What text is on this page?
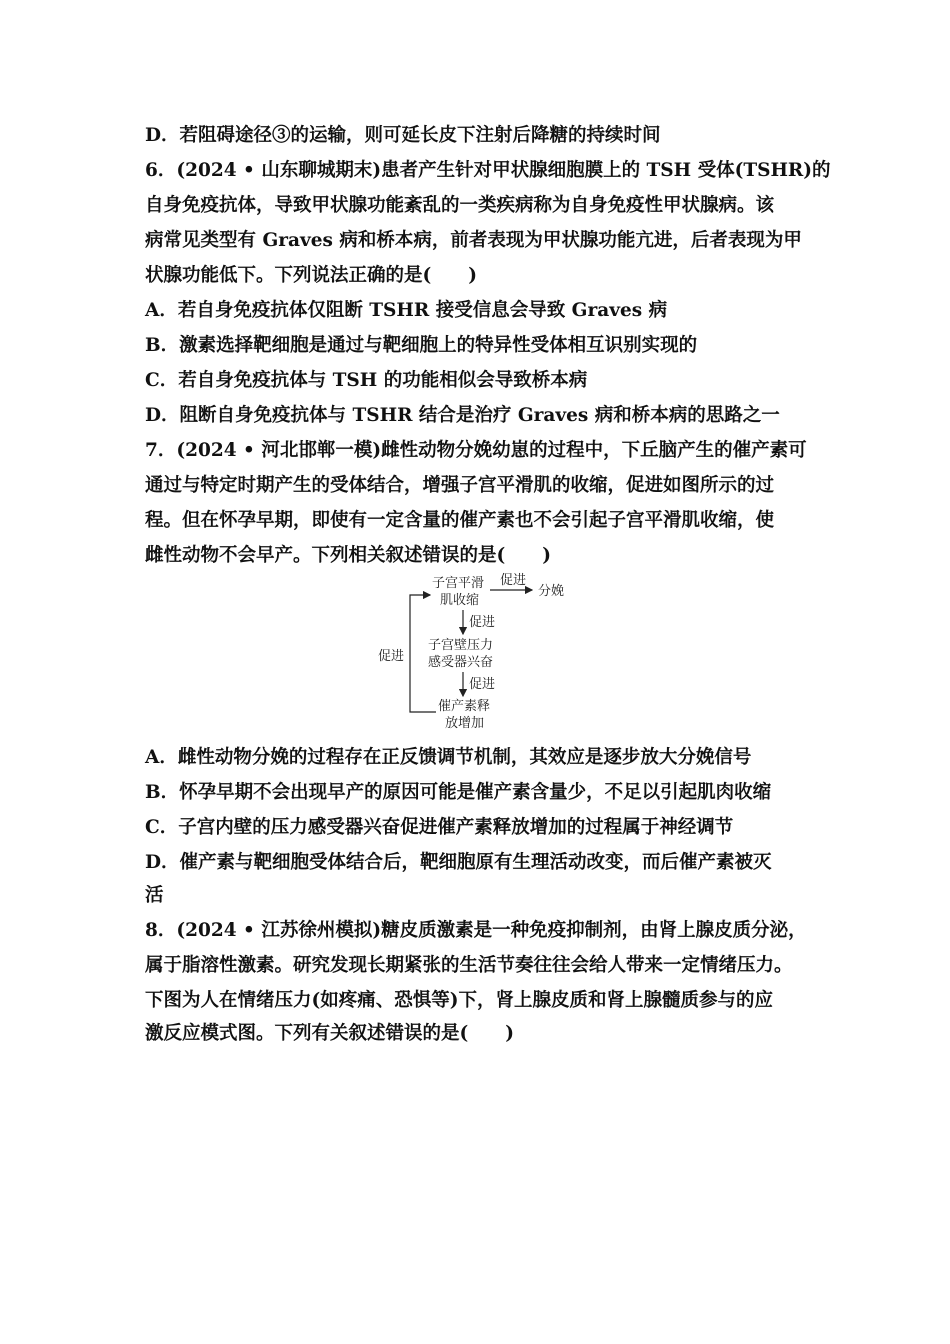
D．若阻碍途径③的运输，则可延长皮下注射后降糖的持续时间
6．(2024 • 山东聊城期末)患者产生针对甲状腺细胞膜上的 TSH 受体(TSHR)的
自身免疫抗体，导致甲状腺功能紊乱的一类疾病称为自身免疫性甲状腺病。该
病常见类型有 Graves 病和桥本病，前者表现为甲状腺功能亢进，后者表现为甲
状腺功能低下。下列说法正确的是(　　)
A．若自身免疫抗体仅阻断 TSHR 接受信息会导致 Graves 病
B．激素选择靶细胞是通过与靶细胞上的特异性受体相互识别实现的
C．若自身免疫抗体与 TSH 的功能相似会导致桥本病
D．阻断自身免疫抗体与 TSHR 结合是治疗 Graves 病和桥本病的思路之一
7．(2024 • 河北邯郸一模)雌性动物分娩幼崽的过程中，下丘脑产生的催产素可
通过与特定时期产生的受体结合，增强子宫平滑肌的收缩，促进如图所示的过
程。但在怀孕早期，即使有一定含量的催产素也不会引起子宫平滑肌收缩，使
雌性动物不会早产。下列相关叙述错误的是(　　)
子宫平滑
肌收缩
促进
分娩
促进
子宫壁压力
感受器兴奋
促进
催产素释
放增加
促进
A．雌性动物分娩的过程存在正反馈调节机制，其效应是逐步放大分娩信号
B．怀孕早期不会出现早产的原因可能是催产素含量少，不足以引起肌肉收缩
C．子宫内壁的压力感受器兴奋促进催产素释放增加的过程属于神经调节
D．催产素与靶细胞受体结合后，靶细胞原有生理活动改变，而后催产素被灭
活
8．(2024 • 江苏徐州模拟)糖皮质激素是一种免疫抑制剂，由肾上腺皮质分泌，
属于脂溶性激素。研究发现长期紧张的生活节奏往往会给人带来一定情绪压力。
下图为人在情绪压力(如疼痛、恐惧等)下，肾上腺皮质和肾上腺髓质参与的应
激反应模式图。下列有关叙述错误的是(　　)
